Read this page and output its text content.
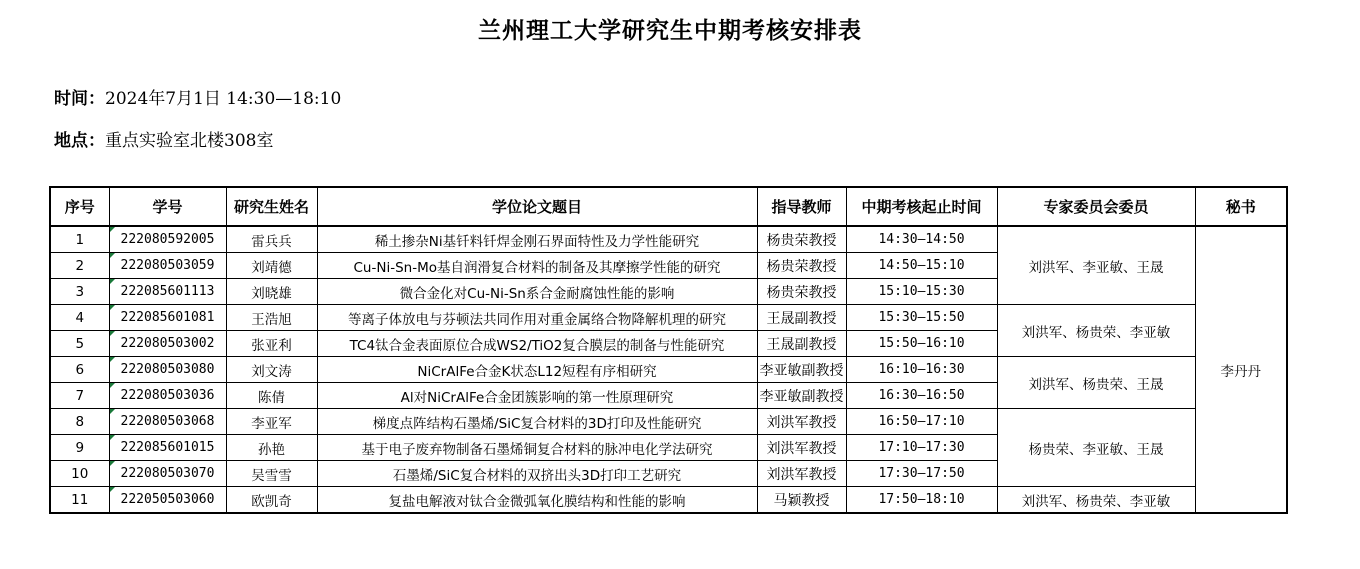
兰州理工大学研究生中期考核安排表
时间：2024年7月1日 14:30—18:10
地点：重点实验室北楼308室
序号	学号	研究生姓名	学位论文题目	指导教师	中期考核起止时间	专家委员会委员	秘书
1	222080592005	雷兵兵	稀土掺杂Ni基钎料钎焊金刚石界面特性及力学性能研究	杨贵荣教授	14:30—14:50	刘洪军、李亚敏、王晟	李丹丹
2	222080503059	刘靖德	Cu-Ni-Sn-Mo基自润滑复合材料的制备及其摩擦学性能的研究	杨贵荣教授	14:50—15:10		
3	222085601113	刘晓雄	微合金化对Cu-Ni-Sn系合金耐腐蚀性能的影响	杨贵荣教授	15:10—15:30		
4	222085601081	王浩旭	等离子体放电与芬顿法共同作用对重金属络合物降解机理的研究	王晟副教授	15:30—15:50	刘洪军、杨贵荣、李亚敏	
5	222080503002	张亚利	TC4钛合金表面原位合成WS2/TiO2复合膜层的制备与性能研究	王晟副教授	15:50—16:10		
6	222080503080	刘文涛	NiCrAlFe合金K状态L12短程有序相研究	李亚敏副教授	16:10—16:30	刘洪军、杨贵荣、王晟	
7	222080503036	陈倩	Al对NiCrAlFe合金团簇影响的第一性原理研究	李亚敏副教授	16:30—16:50		
8	222080503068	李亚军	梯度点阵结构石墨烯/SiC复合材料的3D打印及性能研究	刘洪军教授	16:50—17:10	杨贵荣、李亚敏、王晟	
9	222085601015	孙艳	基于电子废弃物制备石墨烯铜复合材料的脉冲电化学法研究	刘洪军教授	17:10—17:30		
10	222080503070	吴雪雪	石墨烯/SiC复合材料的双挤出头3D打印工艺研究	刘洪军教授	17:30—17:50		
11	222050503060	欧凯奇	复盐电解液对钛合金微弧氧化膜结构和性能的影响	马颖教授	17:50—18:10	刘洪军、杨贵荣、李亚敏	
